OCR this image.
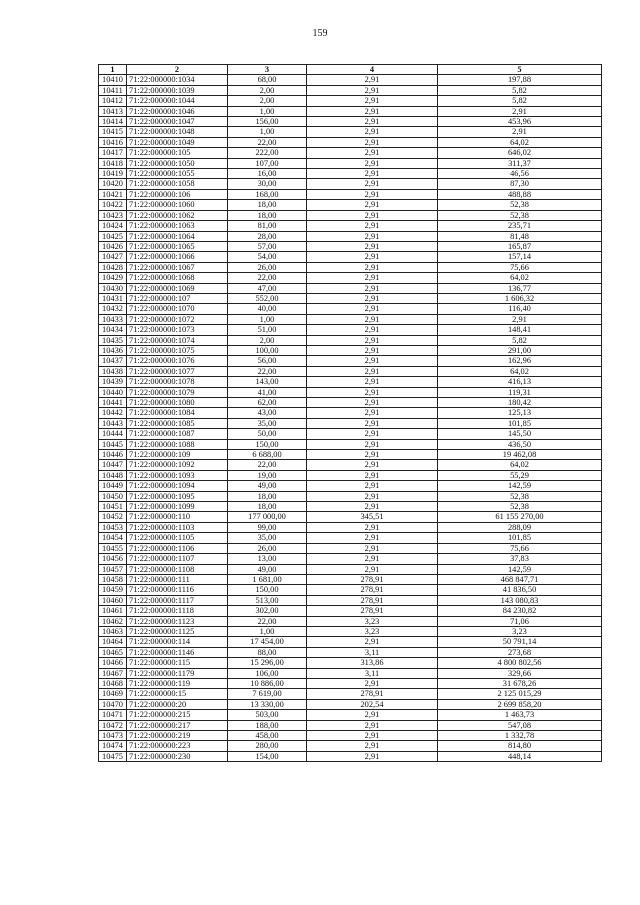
159
1	2	3	4	5
10410	71:22:000000:1034	68,00	2,91	197,88
10411	71:22:000000:1039	2,00	2,91	5,82
10412	71:22:000000:1044	2,00	2,91	5,82
10413	71:22:000000:1046	1,00	2,91	2,91
10414	71:22:000000:1047	156,00	2,91	453,96
10415	71:22:000000:1048	1,00	2,91	2,91
10416	71:22:000000:1049	22,00	2,91	64,02
10417	71:22:000000:105	222,00	2,91	646,02
10418	71:22:000000:1050	107,00	2,91	311,37
10419	71:22:000000:1055	16,00	2,91	46,56
10420	71:22:000000:1058	30,00	2,91	87,30
10421	71:22:000000:106	168,00	2,91	488,88
10422	71:22:000000:1060	18,00	2,91	52,38
10423	71:22:000000:1062	18,00	2,91	52,38
10424	71:22:000000:1063	81,00	2,91	235,71
10425	71:22:000000:1064	28,00	2,91	81,48
10426	71:22:000000:1065	57,00	2,91	165,87
10427	71:22:000000:1066	54,00	2,91	157,14
10428	71:22:000000:1067	26,00	2,91	75,66
10429	71:22:000000:1068	22,00	2,91	64,02
10430	71:22:000000:1069	47,00	2,91	136,77
10431	71:22:000000:107	552,00	2,91	1 606,32
10432	71:22:000000:1070	40,00	2,91	116,40
10433	71:22:000000:1072	1,00	2,91	2,91
10434	71:22:000000:1073	51,00	2,91	148,41
10435	71:22:000000:1074	2,00	2,91	5,82
10436	71:22:000000:1075	100,00	2,91	291,00
10437	71:22:000000:1076	56,00	2,91	162,96
10438	71:22:000000:1077	22,00	2,91	64,02
10439	71:22:000000:1078	143,00	2,91	416,13
10440	71:22:000000:1079	41,00	2,91	119,31
10441	71:22:000000:1080	62,00	2,91	180,42
10442	71:22:000000:1084	43,00	2,91	125,13
10443	71:22:000000:1085	35,00	2,91	101,85
10444	71:22:000000:1087	50,00	2,91	145,50
10445	71:22:000000:1088	150,00	2,91	436,50
10446	71:22:000000:109	6 688,00	2,91	19 462,08
10447	71:22:000000:1092	22,00	2,91	64,02
10448	71:22:000000:1093	19,00	2,91	55,29
10449	71:22:000000:1094	49,00	2,91	142,59
10450	71:22:000000:1095	18,00	2,91	52,38
10451	71:22:000000:1099	18,00	2,91	52,38
10452	71:22:000000:110	177 000,00	345,51	61 155 270,00
10453	71:22:000000:1103	99,00	2,91	288,09
10454	71:22:000000:1105	35,00	2,91	101,85
10455	71:22:000000:1106	26,00	2,91	75,66
10456	71:22:000000:1107	13,00	2,91	37,83
10457	71:22:000000:1108	49,00	2,91	142,59
10458	71:22:000000:111	1 681,00	278,91	468 847,71
10459	71:22:000000:1116	150,00	278,91	41 836,50
10460	71:22:000000:1117	513,00	278,91	143 080,83
10461	71:22:000000:1118	302,00	278,91	84 230,82
10462	71:22:000000:1123	22,00	3,23	71,06
10463	71:22:000000:1125	1,00	3,23	3,23
10464	71:22:000000:114	17 454,00	2,91	50 791,14
10465	71:22:000000:1146	88,00	3,11	273,68
10466	71:22:000000:115	15 296,00	313,86	4 800 802,56
10467	71:22:000000:1179	106,00	3,11	329,66
10468	71:22:000000:119	10 886,00	2,91	31 678,26
10469	71:22:000000:15	7 619,00	278,91	2 125 015,29
10470	71:22:000000:20	13 330,00	202,54	2 699 858,20
10471	71:22:000000:215	503,00	2,91	1 463,73
10472	71:22:000000:217	188,00	2,91	547,08
10473	71:22:000000:219	458,00	2,91	1 332,78
10474	71:22:000000:223	280,00	2,91	814,80
10475	71:22:000000:230	154,00	2,91	448,14
